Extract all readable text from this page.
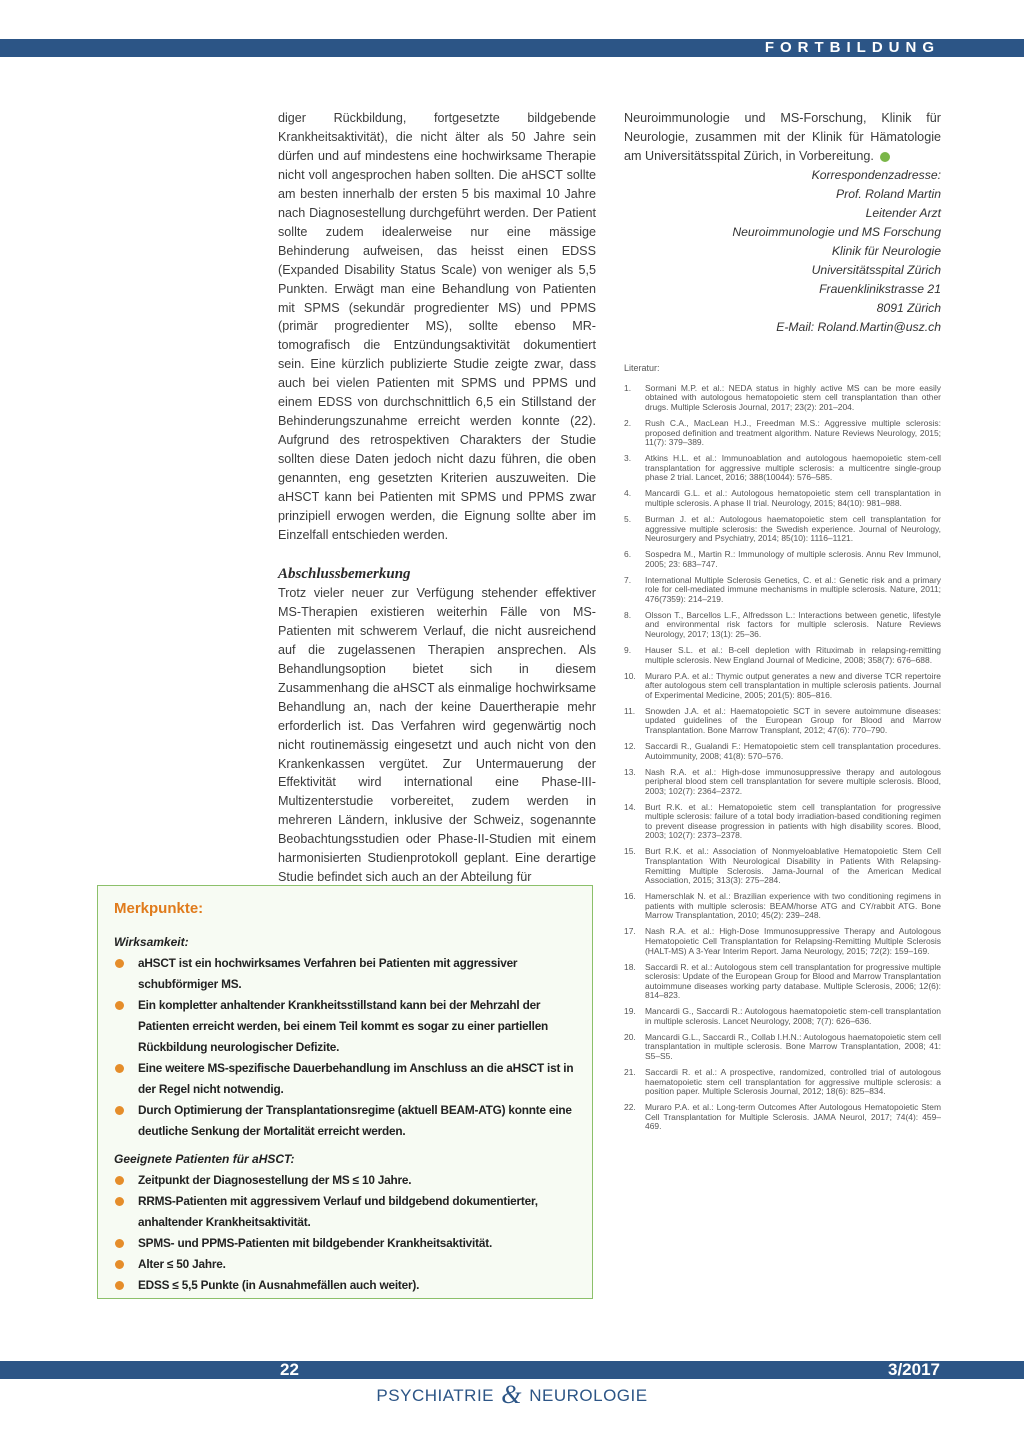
FORTBILDUNG

diger Rückbildung, fortgesetzte bildgebende Krankheitsaktivität), die nicht älter als 50 Jahre sein dürfen und auf mindestens eine hochwirksame Therapie nicht voll angesprochen haben sollten. Die aHSCT sollte am besten innerhalb der ersten 5 bis maximal 10 Jahre nach Diagnosestellung durchgeführt werden. Der Patient sollte zudem idealerweise nur eine mässige Behinderung aufweisen, das heisst einen EDSS (Expanded Disability Status Scale) von weniger als 5,5 Punkten. Erwägt man eine Behandlung von Patienten mit SPMS (sekundär progredienter MS) und PPMS (primär progredienter MS), sollte ebenso MR-tomografisch die Entzündungsaktivität dokumentiert sein. Eine kürzlich publizierte Studie zeigte zwar, dass auch bei vielen Patienten mit SPMS und PPMS und einem EDSS von durchschnittlich 6,5 ein Stillstand der Behinderungszunahme erreicht werden konnte (22). Aufgrund des retrospektiven Charakters der Studie sollten diese Daten jedoch nicht dazu führen, die oben genannten, eng gesetzten Kriterien auszuweiten. Die aHSCT kann bei Patienten mit SPMS und PPMS zwar prinzipiell erwogen werden, die Eignung sollte aber im Einzelfall entschieden werden.

Abschlussbemerkung

Trotz vieler neuer zur Verfügung stehender effektiver MS-Therapien existieren weiterhin Fälle von MS-Patienten mit schwerem Verlauf, die nicht ausreichend auf die zugelassenen Therapien ansprechen. Als Behandlungsoption bietet sich in diesem Zusammenhang die aHSCT als einmalige hochwirksame Behandlung an, nach der keine Dauertherapie mehr erforderlich ist. Das Verfahren wird gegenwärtig noch nicht routinemässig eingesetzt und auch nicht von den Krankenkassen vergütet. Zur Untermauerung der Effektivität wird international eine Phase-III-Multizenterstudie vorbereitet, zudem werden in mehreren Ländern, inklusive der Schweiz, sogenannte Beobachtungsstudien oder Phase-II-Studien mit einem harmonisierten Studienprotokoll geplant. Eine derartige Studie befindet sich auch an der Abteilung für

Neuroimmunologie und MS-Forschung, Klinik für Neurologie, zusammen mit der Klinik für Hämatologie am Universitätsspital Zürich, in Vorbereitung.

Korrespondenzadresse:
Prof. Roland Martin
Leitender Arzt
Neuroimmunologie und MS Forschung
Klinik für Neurologie
Universitätsspital Zürich
Frauenklinikstrasse 21
8091 Zürich
E-Mail: Roland.Martin@usz.ch
Literatur:
1. Sormani M.P. et al.: NEDA status in highly active MS can be more easily obtained with autologous hematopoietic stem cell transplantation than other drugs. Multiple Sclerosis Journal, 2017; 23(2): 201–204.
2. Rush C.A., MacLean H.J., Freedman M.S.: Aggressive multiple sclerosis: proposed definition and treatment algorithm. Nature Reviews Neurology, 2015; 11(7): 379–389.
3. Atkins H.L. et al.: Immunoablation and autologous haemopoietic stem-cell transplantation for aggressive multiple sclerosis: a multicentre single-group phase 2 trial. Lancet, 2016; 388(10044): 576–585.
4. Mancardi G.L. et al.: Autologous hematopoietic stem cell transplantation in multiple sclerosis. A phase II trial. Neurology, 2015; 84(10): 981–988.
5. Burman J. et al.: Autologous haematopoietic stem cell transplantation for aggressive multiple sclerosis: the Swedish experience. Journal of Neurology, Neurosurgery and Psychiatry, 2014; 85(10): 1116–1121.
6. Sospedra M., Martin R.: Immunology of multiple sclerosis. Annu Rev Immunol, 2005; 23: 683–747.
7. International Multiple Sclerosis Genetics, C. et al.: Genetic risk and a primary role for cell-mediated immune mechanisms in multiple sclerosis. Nature, 2011; 476(7359): 214–219.
8. Olsson T., Barcellos L.F., Alfredsson L.: Interactions between genetic, lifestyle and environmental risk factors for multiple sclerosis. Nature Reviews Neurology, 2017; 13(1): 25–36.
9. Hauser S.L. et al.: B-cell depletion with Rituximab in relapsing-remitting multiple sclerosis. New England Journal of Medicine, 2008; 358(7): 676–688.
10. Muraro P.A. et al.: Thymic output generates a new and diverse TCR repertoire after autologous stem cell transplantation in multiple sclerosis patients. Journal of Experimental Medicine, 2005; 201(5): 805–816.
11. Snowden J.A. et al.: Haematopoietic SCT in severe autoimmune diseases: updated guidelines of the European Group for Blood and Marrow Transplantation. Bone Marrow Transplant, 2012; 47(6): 770–790.
12. Saccardi R., Gualandi F.: Hematopoietic stem cell transplantation procedures. Autoimmunity, 2008; 41(8): 570–576.
13. Nash R.A. et al.: High-dose immunosuppressive therapy and autologous peripheral blood stem cell transplantation for severe multiple sclerosis. Blood, 2003; 102(7): 2364–2372.
14. Burt R.K. et al.: Hematopoietic stem cell transplantation for progressive multiple sclerosis: failure of a total body irradiation-based conditioning regimen to prevent disease progression in patients with high disability scores. Blood, 2003; 102(7): 2373–2378.
15. Burt R.K. et al.: Association of Nonmyeloablative Hematopoietic Stem Cell Transplantation With Neurological Disability in Patients With Relapsing-Remitting Multiple Sclerosis. Jama-Journal of the American Medical Association, 2015; 313(3): 275–284.
16. Hamerschlak N. et al.: Brazilian experience with two conditioning regimens in patients with multiple sclerosis: BEAM/horse ATG and CY/rabbit ATG. Bone Marrow Transplantation, 2010; 45(2): 239–248.
17. Nash R.A. et al.: High-Dose Immunosuppressive Therapy and Autologous Hematopoietic Cell Transplantation for Relapsing-Remitting Multiple Sclerosis (HALT-MS) A 3-Year Interim Report. Jama Neurology, 2015; 72(2): 159–169.
18. Saccardi R. et al.: Autologous stem cell transplantation for progressive multiple sclerosis: Update of the European Group for Blood and Marrow Transplantation autoimmune diseases working party database. Multiple Sclerosis, 2006; 12(6): 814–823.
19. Mancardi G., Saccardi R.: Autologous haematopoietic stem-cell transplantation in multiple sclerosis. Lancet Neurology, 2008; 7(7): 626–636.
20. Mancardi G.L., Saccardi R., Collab I.H.N.: Autologous haematopoietic stem cell transplantation in multiple sclerosis. Bone Marrow Transplantation, 2008; 41: S5–S5.
21. Saccardi R. et al.: A prospective, randomized, controlled trial of autologous haematopoietic stem cell transplantation for aggressive multiple sclerosis: a position paper. Multiple Sclerosis Journal, 2012; 18(6): 825–834.
22. Muraro P.A. et al.: Long-term Outcomes After Autologous Hematopoietic Stem Cell Transplantation for Multiple Sclerosis. JAMA Neurol, 2017; 74(4): 459–469.
Merkpunkte:
Wirksamkeit:
aHSCT ist ein hochwirksames Verfahren bei Patienten mit aggressiver schubförmiger MS.
Ein kompletter anhaltender Krankheitsstillstand kann bei der Mehrzahl der Patienten erreicht werden, bei einem Teil kommt es sogar zu einer partiellen Rückbildung neurologischer Defizite.
Eine weitere MS-spezifische Dauerbehandlung im Anschluss an die aHSCT ist in der Regel nicht notwendig.
Durch Optimierung der Transplantationsregime (aktuell BEAM-ATG) konnte eine deutliche Senkung der Mortalität erreicht werden.
Geeignete Patienten für aHSCT:
Zeitpunkt der Diagnosestellung der MS ≤ 10 Jahre.
RRMS-Patienten mit aggressivem Verlauf und bildgebend dokumentierter, anhaltender Krankheitsaktivität.
SPMS- und PPMS-Patienten mit bildgebender Krankheitsaktivität.
Alter ≤ 50 Jahre.
EDSS ≤ 5,5 Punkte (in Ausnahmefällen auch weiter).
22	3/2017
PSYCHIATRIE & NEUROLOGIE
